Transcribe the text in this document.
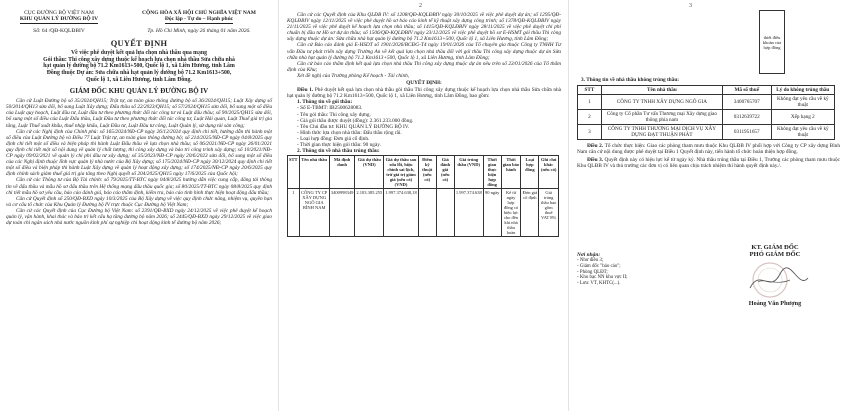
CỤC ĐƯỜNG BỘ VIỆT NAM
KHU QUẢN LÝ ĐƯỜNG BỘ IV
Số: 64 /QĐ-KQLĐBIV
CỘNG HÒA XÃ HỘI CHỦ NGHĨA VIỆT NAM
Độc lập - Tự do – Hạnh phúc
Tp. Hồ Chí Minh, ngày 26 tháng 01 năm 2026.
QUYẾT ĐỊNH
Về việc phê duyệt kết quả lựa chọn nhà thầu qua mạng
Gói thầu: Thi công xây dựng thuộc kế hoạch lựa chọn nhà thầu Sửa chữa nhà
hạt quản lý đường bộ 71.2 Km1613+500, Quốc lộ 1, xã Liên Hương, tỉnh Lâm
Đồng thuộc Dự án: Sửa chữa nhà hạt quản lý đường bộ 71.2 Km1613+500,
Quốc lộ 1, xã Liên Hương, tỉnh Lâm Đồng.
GIÁM ĐỐC KHU QUẢN LÝ ĐƯỜNG BỘ IV

Căn cứ Luật Đường bộ số 35/2024/QH15; Trật tự, an toàn giao thông đường bộ số 36/2024/QH15; Luật Xây dựng số 50/2014/QH13 sửa đổi, bổ sung Luật Xây dựng; Đấu thầu số 22/2023/QH15; số 57/2024/QH15 sửa đổi, bổ sung một số điều của Luật quy hoạch, Luật đầu tư, Luật đầu tư theo phương thức đối tác công tư và Luật đấu thầu; số 90/2025/QH15 sửa đổi, bổ sung một số điều của Luật Đấu thầu, Luật Đầu tư theo phương thức đối tác công tư, Luật Hải quan, Luật Thuế giá trị gia tăng, Luật Thuế xuất khẩu, thuế nhập khẩu, Luật Đầu tư, Luật Đầu tư công, Luật Quản lý, sử dụng tài sản công;

Căn cứ các Nghị định của Chính phủ: số 165/2024/NĐ-CP ngày 26/12/2024 quy định chi tiết, hướng dẫn thi hành một số điều của Luật Đường bộ và Điều 77 Luật Trật tự, an toàn giao thông đường bộ; số 214/2025/NĐ-CP ngày 04/8/2025 quy định chi tiết một số điều và biện pháp thi hành Luật Đấu thầu về lựa chọn nhà thầu; số 06/2021/NĐ-CP ngày 26/01/2021 quy định chi tiết một số nội dung về quản lý chất lượng, thi công xây dựng và bảo trì công trình xây dựng; số 10/2021/NĐ-CP ngày 09/02/2021 về quản lý chi phí đầu tư xây dựng; số 35/2023/NĐ-CP ngày 20/6/2023 sửa đổi, bổ sung một số điều của các Nghị định thuộc lĩnh vực quản lý nhà nước của Bộ Xây dựng; số 175/2024/NĐ-CP ngày 30/12/2024 quy định chi tiết một số điều và biện pháp thi hành Luật Xây dựng về quản lý hoạt động xây dựng; số 174/2025/NĐ-CP ngày 20/6/2025 quy định chính sách giảm thuế giá trị gia tăng theo Nghị quyết số 204/2025/QH15 ngày 17/6/2025 của Quốc hội;

Căn cứ các Thông tư của Bộ Tài chính: số 79/2025/TT-BTC ngày 04/8/2025 hướng dẫn việc cung cấp, đăng tải thông tin về đấu thầu và mẫu hồ sơ đấu thầu trên Hệ thống mạng đấu thầu quốc gia; số 80/2025/TT-BTC ngày 08/8/2025 quy định chi tiết mẫu hồ sơ yêu cầu, báo cáo đánh giá, báo cáo thẩm định, kiểm tra, báo cáo tình hình thực hiện hoạt động đấu thầu;

Căn cứ Quyết định số 250/QĐ-BXD ngày 10/3/2025 của Bộ Xây dựng về việc quy định chức năng, nhiệm vụ, quyền hạn và cơ cấu tổ chức của Khu Quản lý Đường bộ IV trực thuộc Cục Đường bộ Việt Nam;

Căn cứ các Quyết định của Cục Đường bộ Việt Nam: số 2391/QĐ-BXD ngày 24/12/2025 về việc phê duyệt kế hoạch quản lý, vận hành, khai thác và bảo trì kết cấu hạ tầng đường bộ năm 2026; số 2445/QĐ-BXD ngày 29/12/2025 về việc giao dự toán chi ngân sách nhà nước nguồn kinh phí sự nghiệp chi hoạt động kinh tế đường bộ năm 2026;

2

Căn cứ các Quyết định của Khu QLĐB IV: số 1208/QĐ-KQLĐBIV ngày 30/10/2025 về việc phê duyệt dự án; số 1295/QĐ-KQLĐBIV ngày 12/11/2025 về việc phê duyệt hồ sơ báo cáo kinh tế kỹ thuật xây dựng công trình; số 1378/QĐ-KQLĐBIV ngày 21/11/2025 về việc phê duyệt kế hoạch lựa chọn nhà thầu; số 1415/QĐ-KQLĐBIV ngày 28/11/2025 về việc phê duyệt chi phí chuẩn bị đầu tư Hồ sơ dự án thầu; số 1506/QĐ-KQLĐBIV ngày 23/12/2025 về việc phê duyệt hồ sơ E-HSMT gói thầu Thi công xây dựng thuộc dự án: Sửa chữa nhà hạt quản lý đường bộ 71.2 Km1613+500, Quốc lộ 1, xã Liên Hương, tỉnh Lâm Đồng;

Căn cứ Báo cáo đánh giá E-HSDT số 1901/2026/BCĐG-T4 ngày 19/01/2026 của Tổ chuyên gia thuộc Công ty TNHH Tư vấn Đầu tư phát triển xây dựng Trường An về kết quả lựa chọn nhà thầu đối với gói thầu Thi công xây dựng thuộc dự án Sửa chữa nhà hạt quản lý đường bộ 71.2 Km1613+500, Quốc lộ 1, xã Liên Hương, tỉnh Lâm Đồng;

Căn cứ báo cáo thẩm định kết quả lựa chọn nhà thầu Thi công xây dựng thuộc dự án nêu trên số 23/01/2026 của Tổ thẩm định của Khu;

Xét đề nghị của Trưởng phòng Kế hoạch - Tài chính,

QUYẾT ĐỊNH:

Điều 1. Phê duyệt kết quả lựa chọn nhà thầu gói thầu Thi công xây dựng thuộc kế hoạch lựa chọn nhà thầu Sửa chữa nhà hạt quản lý đường bộ 71.2 Km1613+500, Quốc lộ 1, xã Liên Hương, tỉnh Lâm Đồng, bao gồm:

1. Thông tin về gói thầu:

- Số E-TBMT: IB2500628083.

- Tên gói thầu: Thi công xây dựng.

- Giá gói thầu được duyệt (đồng): 2.361.233.000 đồng.

- Tên Chủ đầu tư: KHU QUẢN LÝ ĐƯỜNG BỘ IV.

- Hình thức lựa chọn nhà thầu: Đấu thầu rộng rãi.

- Loại hợp đồng: Đơn giá cố định.

- Thời gian thực hiện gói thầu: 90 ngày.

2. Thông tin về nhà thầu trúng thầu:

STT	Tên nhà thầu	Mã định danh	Giá dự thầu (VND)	Giá dự thầu sau sửa lỗi, hiệu chỉnh sai lệch, trừ giá trị giảm giá (nếu có) (VND)	Điểm kỹ thuật (nếu có)	Giá đánh giá (nếu có)	Giá trúng thầu (VND)	Thời gian thực hiện hợp đồng	Thời gian bảo hành	Loại hợp đồng	Ghi chú khác (nếu có)
1	CÔNG TY CP XÂY DỰNG NGÔ GIA BÌNH NAM	3400998349	2.103.385.255	1.997.374.638,18			1.997.374.638	90 ngày	Kể từ ngày hợp đồng có hiệu lực cho đến khi nhà thầu hoàn	Đơn giá cố định	Giá trúng thầu bao gồm thuế VAT 8%
3
thiết điều khoản của hợp đồng

3. Thông tin về nhà thầu không trúng thầu:

STT	Tên nhà thầu	Mã số thuế	Lý do không trúng thầu
1	CÔNG TY TNHH XÂY DỰNG NGÔ GIA	3400765707	Không đạt yêu cầu về kỹ thuật
2	Công ty Cổ phần Tư vấn Thương mại Xây dựng giao thông phía nam	0312639722	Xếp hạng 2
3	CÔNG TY TNHH THƯƠNG MẠI DỊCH VỤ XÂY DỰNG ĐẠT THUẬN PHÁT	0311951657	Không đạt yêu cầu về kỹ thuật

Điều 2. Tổ chức thực hiện: Giao các phòng tham mưu thuộc Khu QLĐB IV phối hợp với Công ty CP xây dựng Bình Nam căn cứ nội dung được phê duyệt tại Điều 1 Quyết định này, tiến hành tổ chức hoàn thiện hợp đồng.

Điều 3. Quyết định này có hiệu lực kể từ ngày ký. Nhà thầu trúng thầu tại Điều 1, Trưởng các phòng tham mưu thuộc Khu QLĐB IV và thủ trưởng các đơn vị có liên quan chịu trách nhiệm thi hành quyết định này./.

Nơi nhận:
- Như điều 3;
- Giám đốc "báo cáo";
- Phòng QLĐT;
- Kho bạc NN khu vực II;
- Lưu: VT, KHTC(...).
KT. GIÁM ĐỐC
PHÓ GIÁM ĐỐC
Hoàng Văn Phượng
